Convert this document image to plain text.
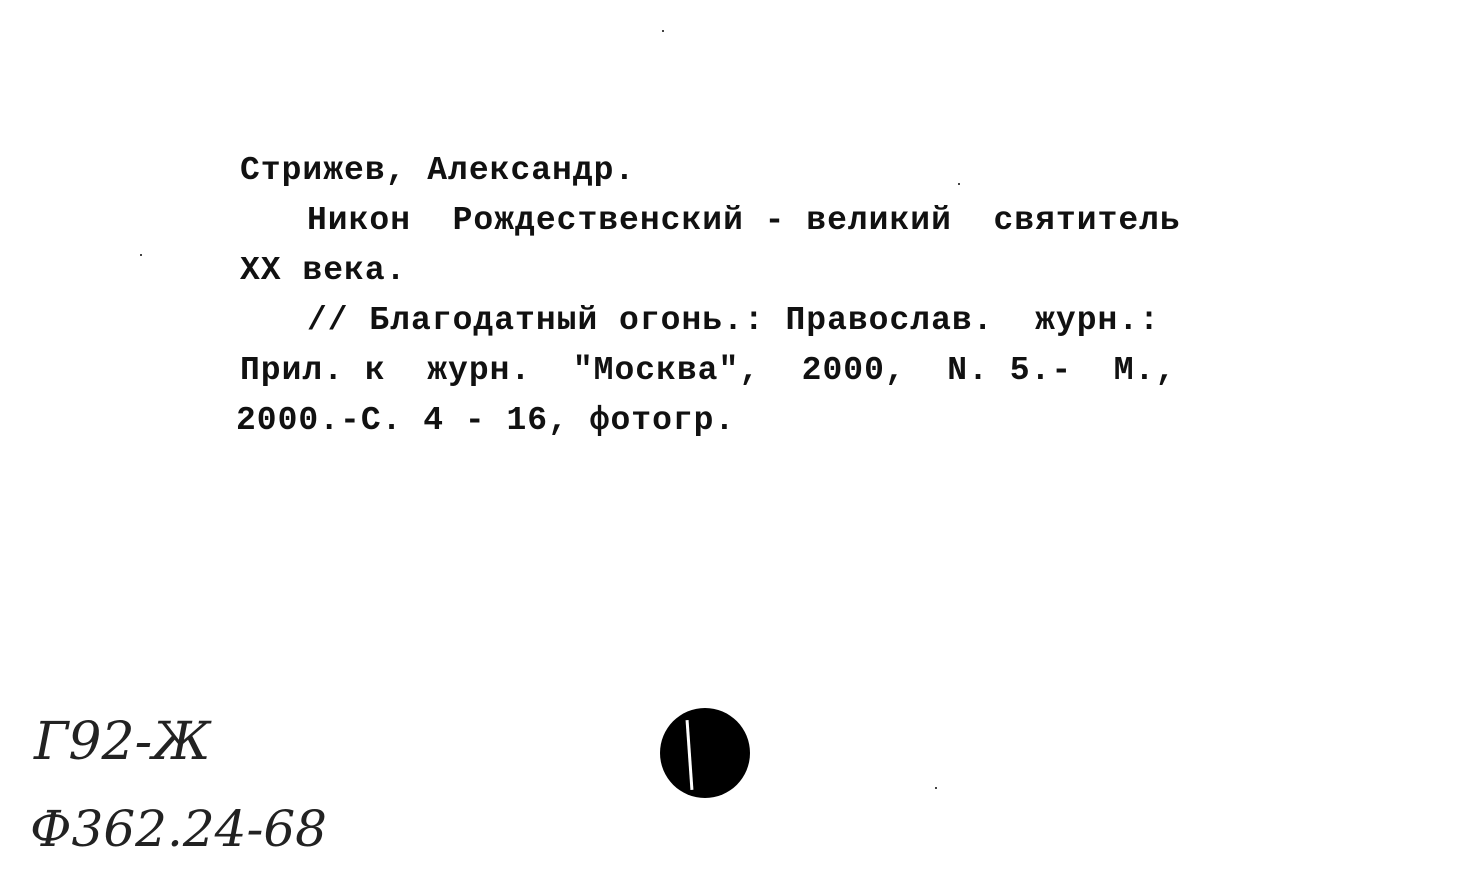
Стрижев, Александр.
Никон  Рождественский - великий  святитель
XX века.
// Благодатный огонь.: Православ.  журн.:
Прил. к  журн.  "Москва",  2000,  N. 5.-  М.,
2000.-С. 4 - 16, фотогр.
Г92-Ж
Ф362.24-68
⁾
